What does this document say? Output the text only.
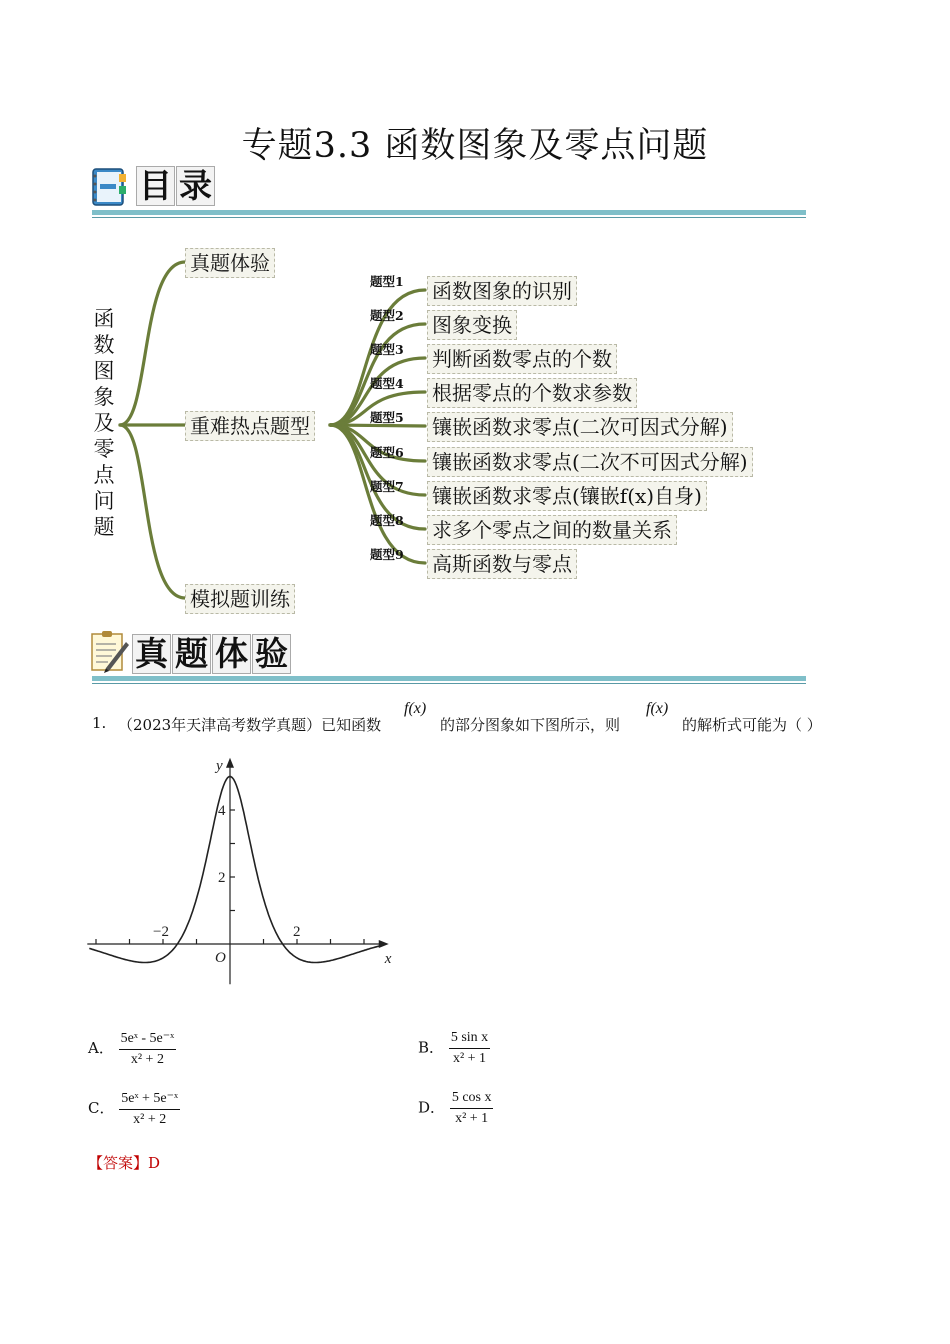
专题3.3 函数图象及零点问题
目 录
函
数
图
象
及
零
点
问
题
真题体验
重难热点题型
模拟题训练
题型1 函数图象的识别
题型2 图象变换
题型3 判断函数零点的个数
题型4 根据零点的个数求参数
题型5 镶嵌函数求零点(二次可因式分解)
题型6 镶嵌函数求零点(二次不可因式分解)
题型7 镶嵌函数求零点(镶嵌f(x)自身)
题型8 求多个零点之间的数量关系
题型9 高斯函数与零点
真 题 体 验
1. （2023年天津高考数学真题）已知函数
f(x)
的部分图象如下图所示，则
f(x)
的解析式可能为（ ）
y
x
O
2
4
−2	2
A． $\frac{\text{5eˣ - 5e⁻ˣ}}{\text{x² + 2}}$	B． $\frac{\text{5 sin x}}{\text{x² + 1}}$
C． $\frac{\text{5eˣ + 5e⁻ˣ}}{\text{x² + 2}}$	D． $\frac{\text{5 cos x}}{\text{x² + 1}}$
【答案】D
